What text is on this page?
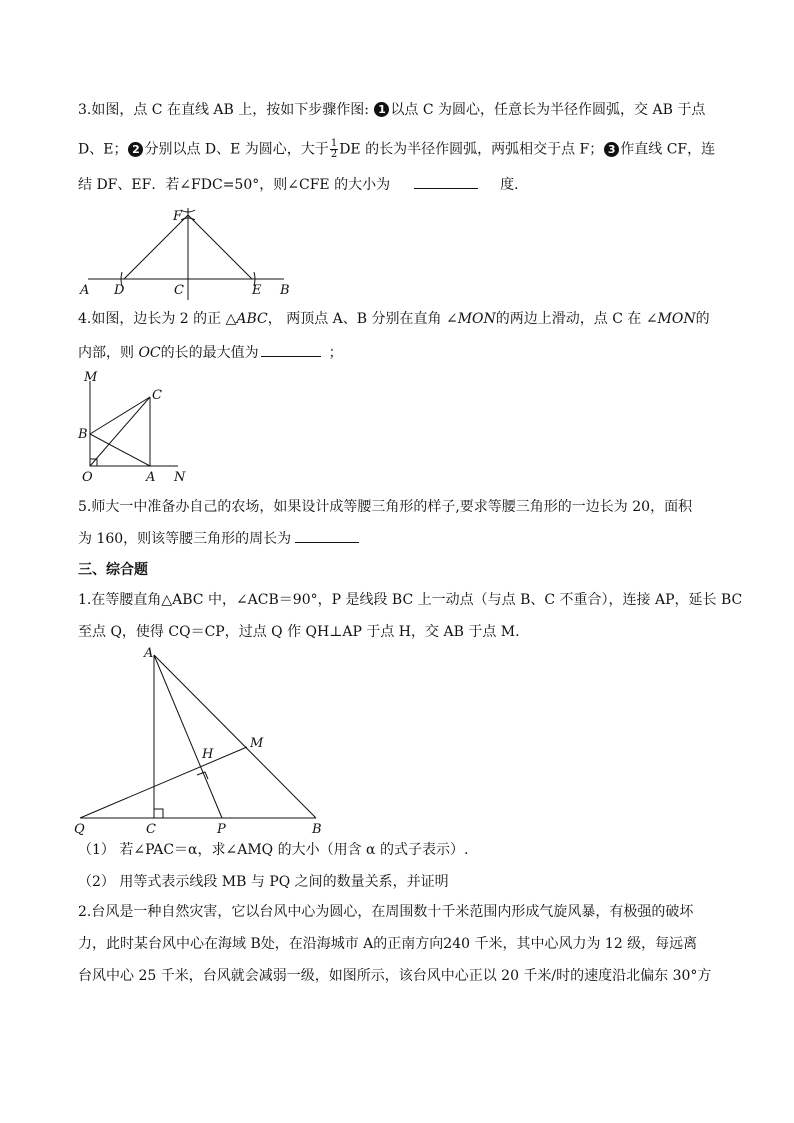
3.如图，点 C 在直线 AB 上，按如下步骤作图: 1 以点 C 为圆心，任意长为半径作圆弧，交 AB 于点
D、E； 2 分别以点 D、E 为圆心，大于 $\frac{1}{2}$ DE 的长为半径作圆弧，两弧相交于点 F； 3 作直线 CF，连
结 DF、EF．若∠FDC=50°，则∠CFE 的大小为	度．
F
A D	C	E B
4.如图，边长为 2 的正 △ABC， 两顶点 A、B 分别在直角 ∠MON的两边上滑动，点 C 在 ∠MON的
内部，则 OC的长的最大值为	；
M
C
B
O	A N
5.师大一中准备办自己的农场，如果设计成等腰三角形的样子,要求等腰三角形的一边长为 20，面积
为 160，则该等腰三角形的周长为
三、综合题
1.在等腰直角△ABC 中，∠ACB＝90°，P 是线段 BC 上一动点（与点 B、C 不重合），连接 AP，延长 BC
至点 Q，使得 CQ＝CP，过点 Q 作 QH⊥AP 于点 H，交 AB 于点 M.
A
M
H
Q	C	P	B
（1） 若∠PAC＝α，求∠AMQ 的大小（用含 α 的式子表示）.
（2） 用等式表示线段 MB 与 PQ 之间的数量关系，并证明
2.台风是一种自然灾害，它以台风中心为圆心，在周围数十千米范围内形成气旋风暴，有极强的破坏
力，此时某台风中心在海域 B处，在沿海城市 A的正南方向240 千米，其中心风力为 12 级，每远离
台风中心 25 千米，台风就会减弱一级，如图所示，该台风中心正以 20 千米/时的速度沿北偏东 30°方
